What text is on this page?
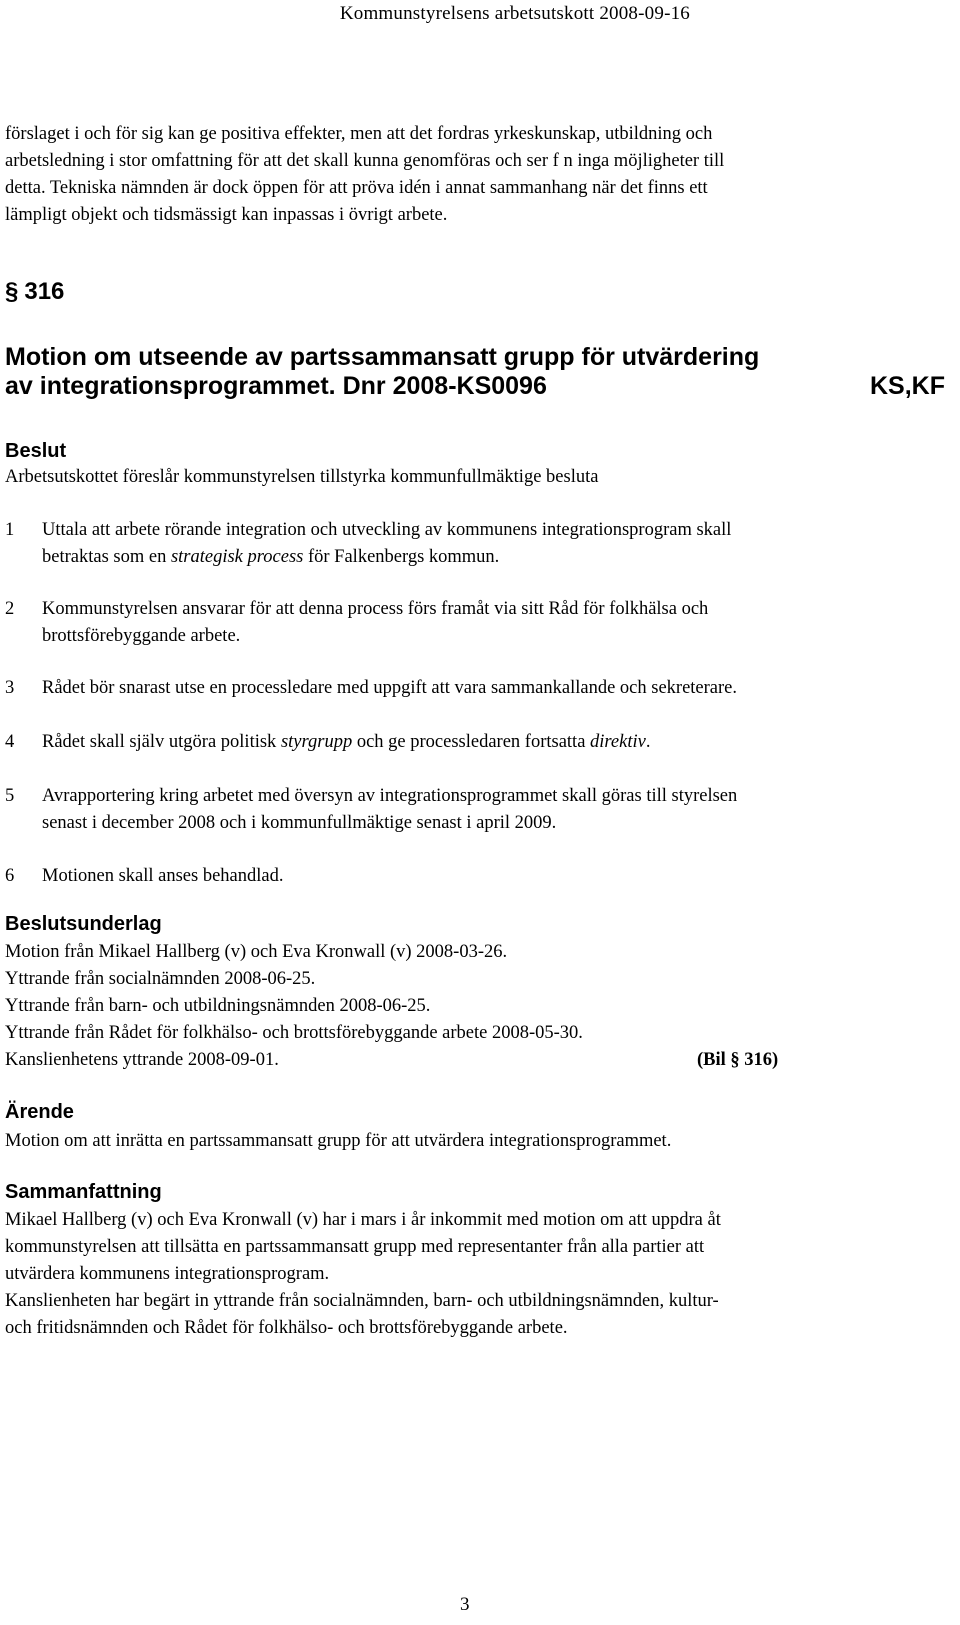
Kommunstyrelsens arbetsutskott 2008-09-16

förslaget i och för sig kan ge positiva effekter, men att det fordras yrkeskunskap, utbildning och
arbetsledning i stor omfattning för att det skall kunna genomföras och ser f n inga möjligheter till
detta. Tekniska nämnden är dock öppen för att pröva idén i annat sammanhang när det finns ett
lämpligt objekt och tidsmässigt kan inpassas i övrigt arbete.

§ 316
Motion om utseende av partssammansatt grupp för utvärdering
av integrationsprogrammet. Dnr 2008-KS0096	KS,KF
Beslut

Arbetsutskottet föreslår kommunstyrelsen tillstyrka kommunfullmäktige besluta

1 Uttala att arbete rörande integration och utveckling av kommunens integrationsprogram skall
betraktas som en strategisk process för Falkenbergs kommun.
2 Kommunstyrelsen ansvarar för att denna process förs framåt via sitt Råd för folkhälsa och
brottsförebyggande arbete.
3 Rådet bör snarast utse en processledare med uppgift att vara sammankallande och sekreterare.
4 Rådet skall själv utgöra politisk styrgrupp och ge processledaren fortsatta direktiv.
5 Avrapportering kring arbetet med översyn av integrationsprogrammet skall göras till styrelsen
senast i december 2008 och i kommunfullmäktige senast i april 2009.
6 Motionen skall anses behandlad.
Beslutsunderlag
Motion från Mikael Hallberg (v) och Eva Kronwall (v) 2008-03-26.
Yttrande från socialnämnden 2008-06-25.
Yttrande från barn- och utbildningsnämnden 2008-06-25.
Yttrande från Rådet för folkhälso- och brottsförebyggande arbete 2008-05-30.
Kanslienhetens yttrande 2008-09-01.	(Bil § 316)
Ärende

Motion om att inrätta en partssammansatt grupp för att utvärdera integrationsprogrammet.

Sammanfattning
Mikael Hallberg (v) och Eva Kronwall (v) har i mars i år inkommit med motion om att uppdra åt
kommunstyrelsen att tillsätta en partssammansatt grupp med representanter från alla partier att
utvärdera kommunens integrationsprogram.
Kanslienheten har begärt in yttrande från socialnämnden, barn- och utbildningsnämnden, kultur-
och fritidsnämnden och Rådet för folkhälso- och brottsförebyggande arbete.
3
